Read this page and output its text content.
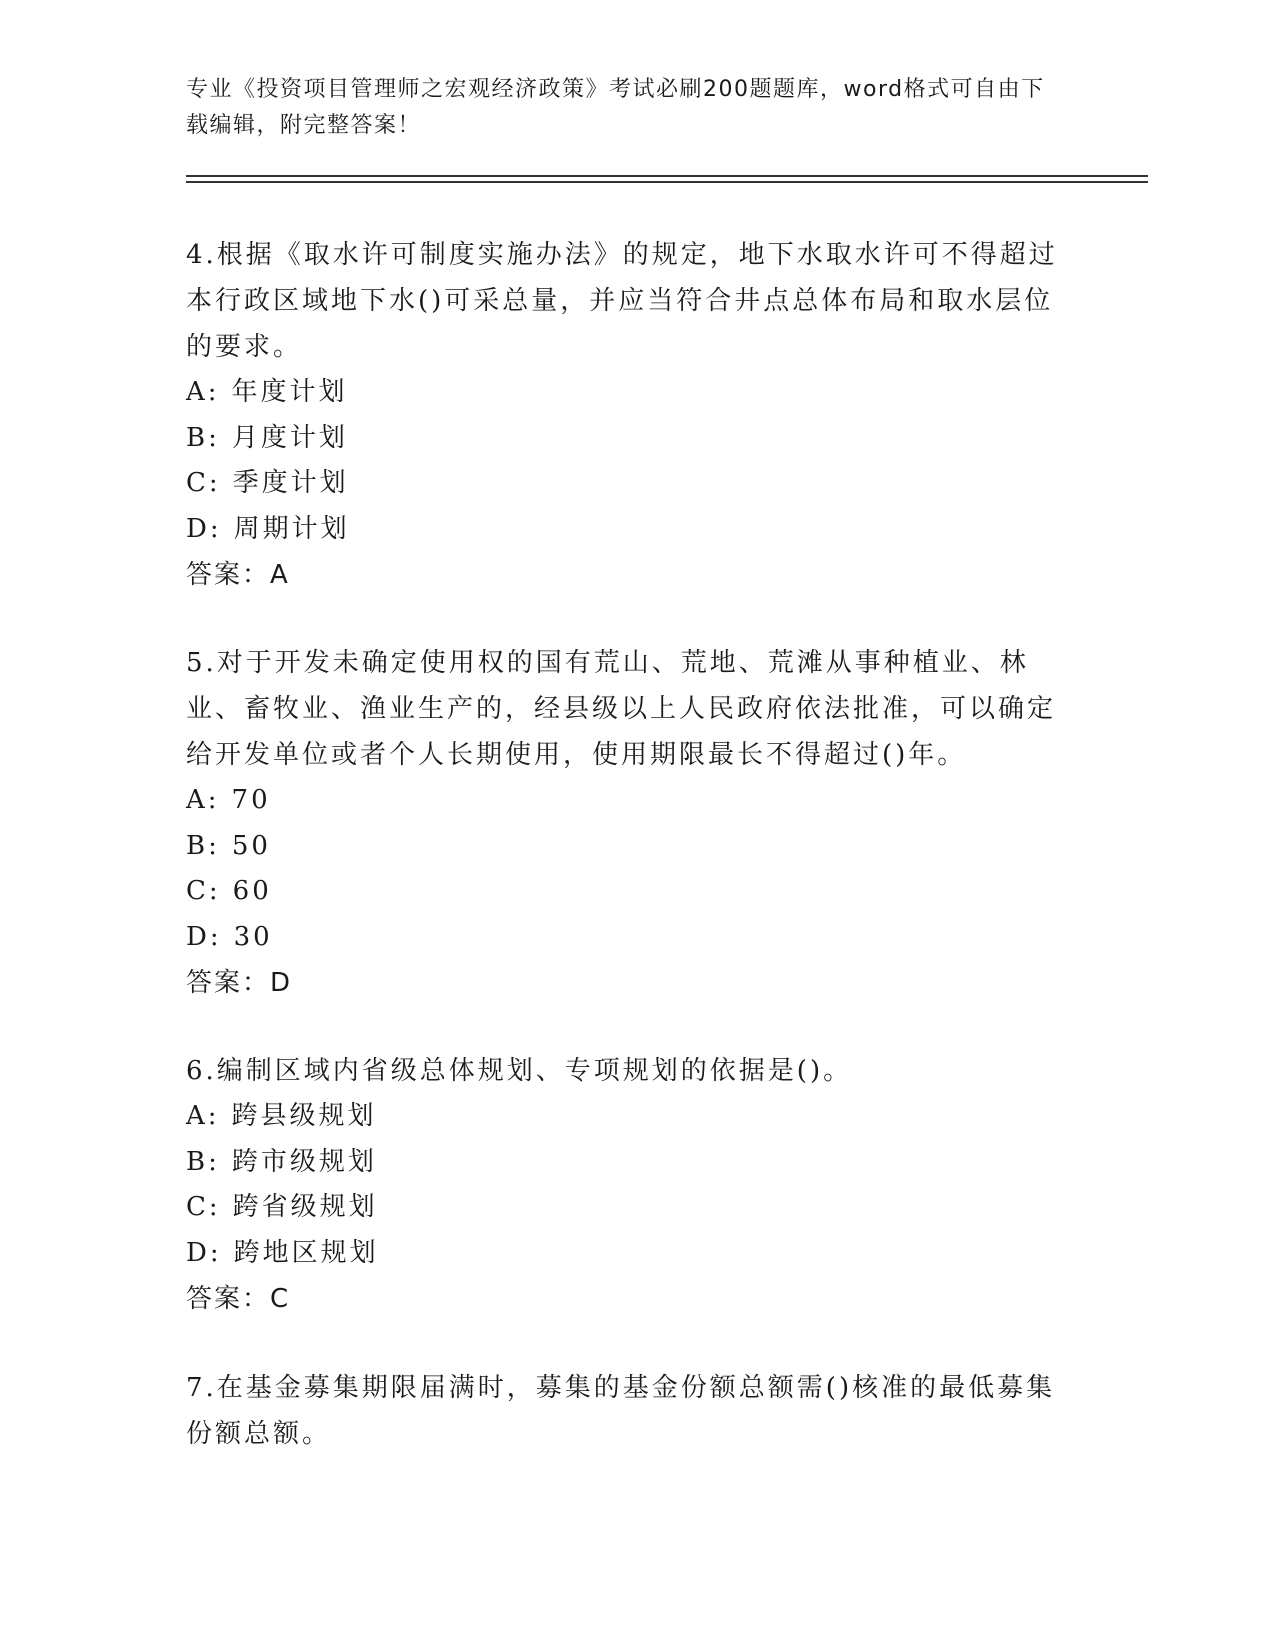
专业《投资项目管理师之宏观经济政策》考试必刷200题题库，word格式可自由下载编辑，附完整答案！

4.根据《取水许可制度实施办法》的规定，地下水取水许可不得超过本行政区域地下水()可采总量，并应当符合井点总体布局和取水层位的要求。

A: 年度计划

B: 月度计划

C: 季度计划

D: 周期计划

答案：A

5.对于开发未确定使用权的国有荒山、荒地、荒滩从事种植业、林业、畜牧业、渔业生产的，经县级以上人民政府依法批准，可以确定给开发单位或者个人长期使用，使用期限最长不得超过()年。

A: 70

B: 50

C: 60

D: 30

答案：D

6.编制区域内省级总体规划、专项规划的依据是()。

A: 跨县级规划

B: 跨市级规划

C: 跨省级规划

D: 跨地区规划

答案：C

7.在基金募集期限届满时，募集的基金份额总额需()核准的最低募集份额总额。
